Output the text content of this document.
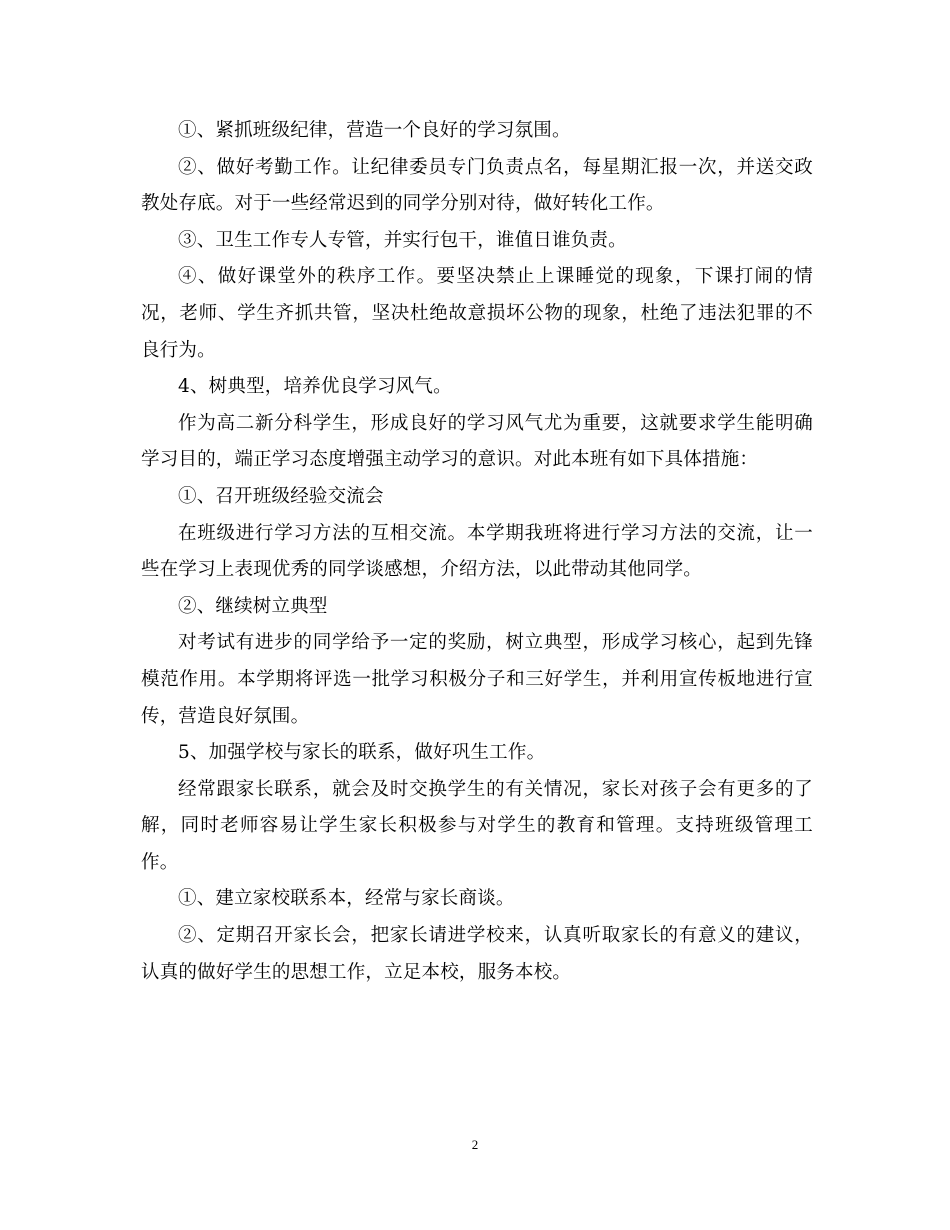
①、紧抓班级纪律，营造一个良好的学习氛围。

②、做好考勤工作。让纪律委员专门负责点名，每星期汇报一次，并送交政教处存底。对于一些经常迟到的同学分别对待，做好转化工作。

③、卫生工作专人专管，并实行包干，谁值日谁负责。

④、做好课堂外的秩序工作。要坚决禁止上课睡觉的现象，下课打闹的情况，老师、学生齐抓共管，坚决杜绝故意损坏公物的现象，杜绝了违法犯罪的不良行为。

4、树典型，培养优良学习风气。

作为高二新分科学生，形成良好的学习风气尤为重要，这就要求学生能明确学习目的，端正学习态度增强主动学习的意识。对此本班有如下具体措施：

①、召开班级经验交流会

在班级进行学习方法的互相交流。本学期我班将进行学习方法的交流，让一些在学习上表现优秀的同学谈感想，介绍方法，以此带动其他同学。

②、继续树立典型

对考试有进步的同学给予一定的奖励，树立典型，形成学习核心，起到先锋模范作用。本学期将评选一批学习积极分子和三好学生，并利用宣传板地进行宣传，营造良好氛围。

5、加强学校与家长的联系，做好巩生工作。

经常跟家长联系，就会及时交换学生的有关情况，家长对孩子会有更多的了解，同时老师容易让学生家长积极参与对学生的教育和管理。支持班级管理工作。

①、建立家校联系本，经常与家长商谈。

②、定期召开家长会，把家长请进学校来，认真听取家长的有意义的建议，认真的做好学生的思想工作，立足本校，服务本校。

2
